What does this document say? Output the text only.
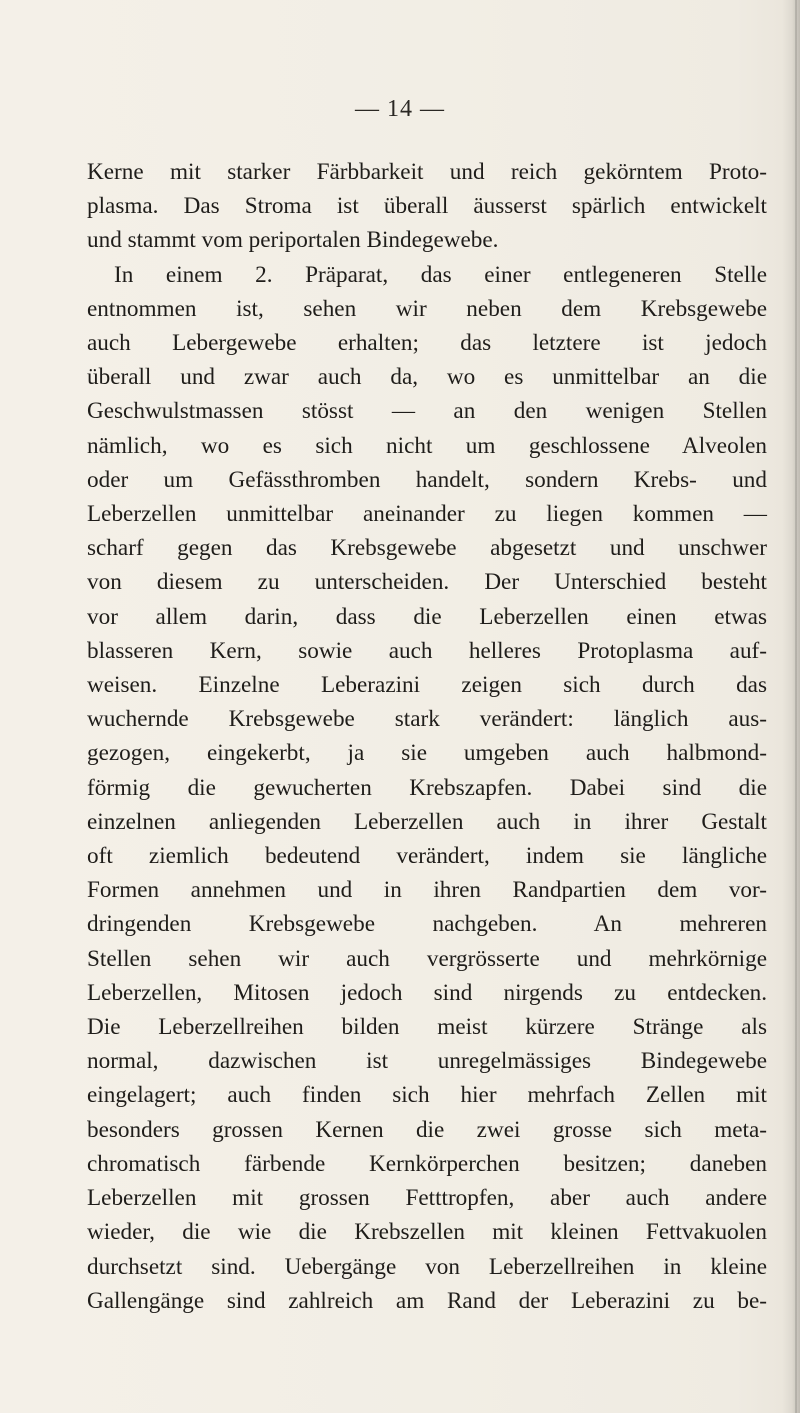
— 14 —
Kerne mit starker Färbbarkeit und reich gekörntem Proto-
plasma. Das Stroma ist überall äusserst spärlich entwickelt
und stammt vom periportalen Bindegewebe.
In einem 2. Präparat, das einer entlegeneren Stelle
entnommen ist, sehen wir neben dem Krebsgewebe
auch Lebergewebe erhalten; das letztere ist jedoch
überall und zwar auch da, wo es unmittelbar an die
Geschwulstmassen stösst — an den wenigen Stellen
nämlich, wo es sich nicht um geschlossene Alveolen
oder um Gefässthromben handelt, sondern Krebs- und
Leberzellen unmittelbar aneinander zu liegen kommen —
scharf gegen das Krebsgewebe abgesetzt und unschwer
von diesem zu unterscheiden. Der Unterschied besteht
vor allem darin, dass die Leberzellen einen etwas
blasseren Kern, sowie auch helleres Protoplasma auf-
weisen. Einzelne Leberazini zeigen sich durch das
wuchernde Krebsgewebe stark verändert: länglich aus-
gezogen, eingekerbt, ja sie umgeben auch halbmond-
förmig die gewucherten Krebszapfen. Dabei sind die
einzelnen anliegenden Leberzellen auch in ihrer Gestalt
oft ziemlich bedeutend verändert, indem sie längliche
Formen annehmen und in ihren Randpartien dem vor-
dringenden Krebsgewebe nachgeben. An mehreren
Stellen sehen wir auch vergrösserte und mehrkörnige
Leberzellen, Mitosen jedoch sind nirgends zu entdecken.
Die Leberzellreihen bilden meist kürzere Stränge als
normal, dazwischen ist unregelmässiges Bindegewebe
eingelagert; auch finden sich hier mehrfach Zellen mit
besonders grossen Kernen die zwei grosse sich meta-
chromatisch färbende Kernkörperchen besitzen; daneben
Leberzellen mit grossen Fetttropfen, aber auch andere
wieder, die wie die Krebszellen mit kleinen Fettvakuolen
durchsetzt sind. Uebergänge von Leberzellreihen in kleine
Gallengänge sind zahlreich am Rand der Leberazini zu be-
